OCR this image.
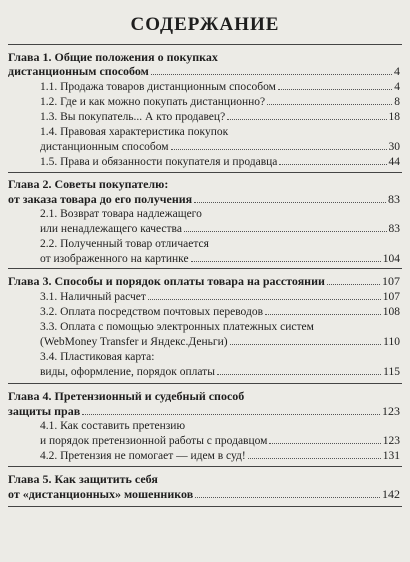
СОДЕРЖАНИЕ
Глава 1. Общие положения о покупках
дистанционным способом	4
1.1. Продажа товаров дистанционным способом	4
1.2. Где и как можно покупать дистанционно?	8
1.3. Вы покупатель... А кто продавец?	18
1.4. Правовая характеристика покупок
дистанционным способом	30
1.5. Права и обязанности покупателя и продавца	44
Глава 2. Советы покупателю:
от заказа товара до его получения	83
2.1. Возврат товара надлежащего
или ненадлежащего качества	83
2.2. Полученный товар отличается
от изображенного на картинке	104
Глава 3. Способы и порядок оплаты товара на расстоянии	107
3.1. Наличный расчет	107
3.2. Оплата посредством почтовых переводов	108
3.3. Оплата с помощью электронных платежных систем
(WebMoney Transfer и Яндекс.Деньги)	110
3.4. Пластиковая карта:
виды, оформление, порядок оплаты	115
Глава 4. Претензионный и судебный способ
защиты прав	123
4.1. Как составить претензию
и порядок претензионной работы с продавцом	123
4.2. Претензия не помогает — идем в суд!	131
Глава 5. Как защитить себя
от «дистанционных» мошенников	142
